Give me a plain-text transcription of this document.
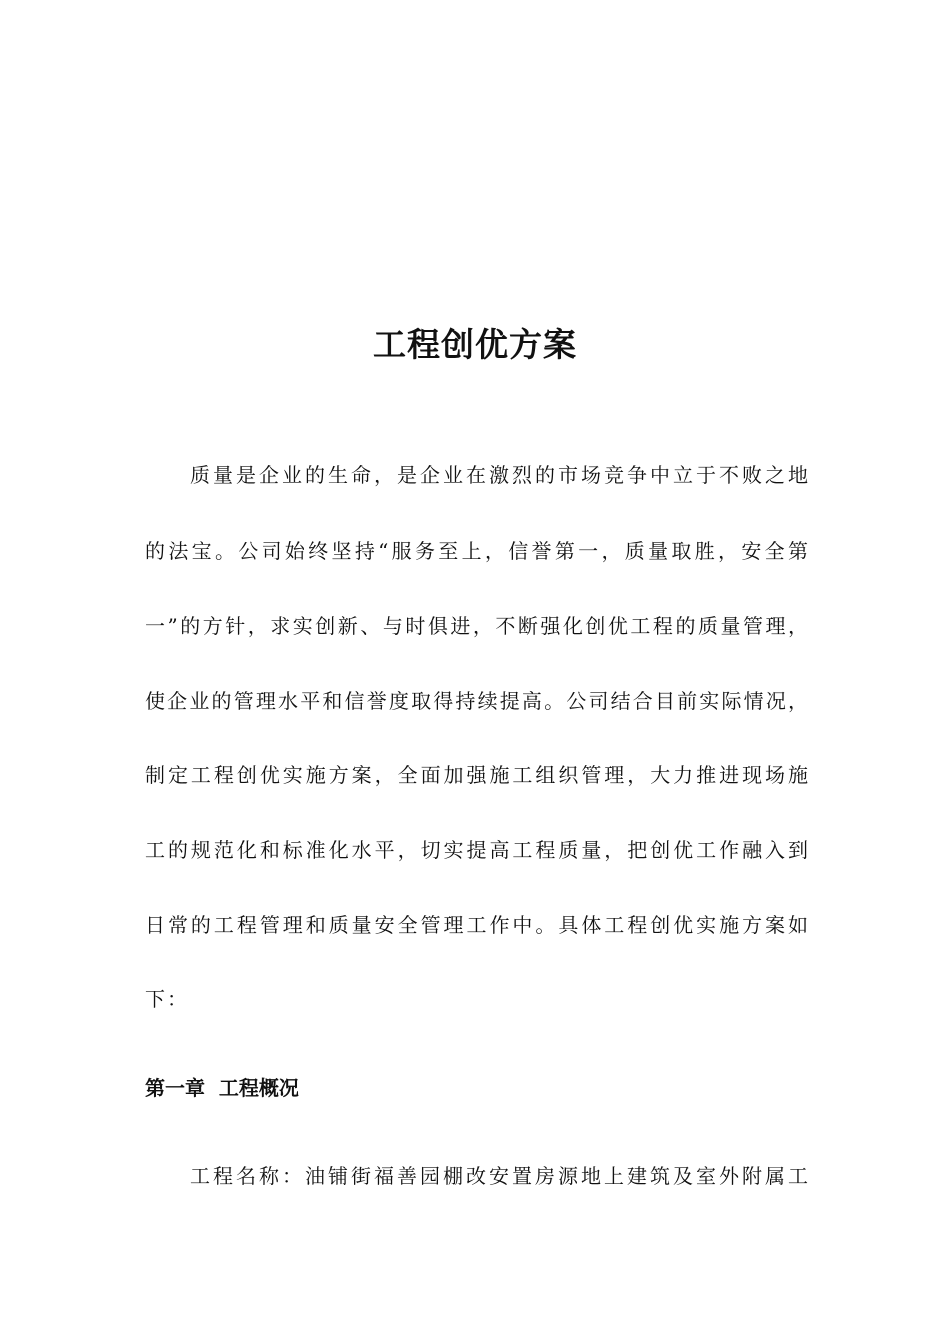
工程创优方案

质量是企业的生命，是企业在激烈的市场竞争中立于不败之地

的法宝。公司始终坚持“服务至上，信誉第一，质量取胜，安全第

一”的方针，求实创新、与时俱进，不断强化创优工程的质量管理，

使企业的管理水平和信誉度取得持续提高。公司结合目前实际情况，

制定工程创优实施方案，全面加强施工组织管理，大力推进现场施

工的规范化和标准化水平，切实提高工程质量，把创优工作融入到

日常的工程管理和质量安全管理工作中。具体工程创优实施方案如

下：

第一章  工程概况

工程名称：油铺街福善园棚改安置房源地上建筑及室外附属工
